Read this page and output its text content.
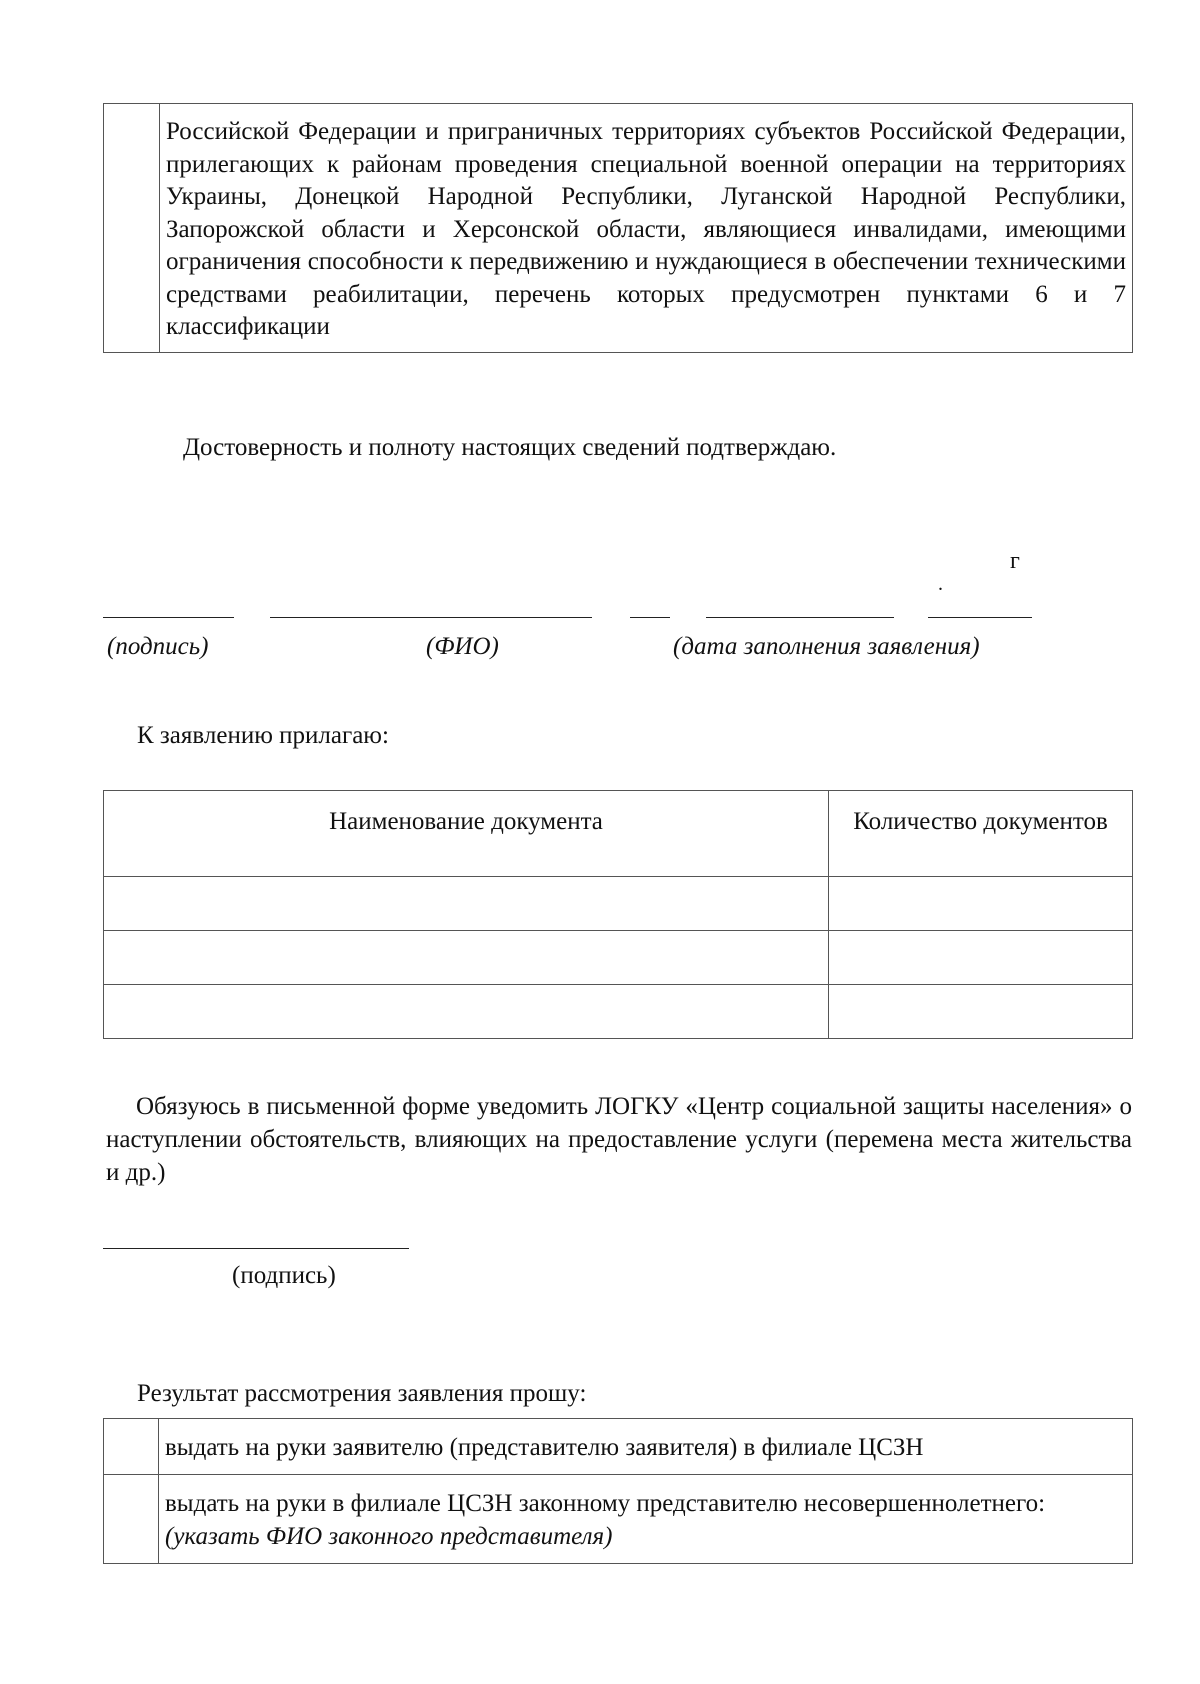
	Российской Федерации и приграничных территориях субъектов Российской Федерации, прилегающих к районам проведения специальной военной операции на территориях Украины, Донецкой Народной Республики, Луганской Народной Республики, Запорожской области и Херсонской области, являющиеся инвалидами, имеющими ограничения способности к передвижению и нуждающиеся в обеспечении техническими средствами реабилитации, перечень которых предусмотрен пунктами 6 и 7 классификации
Достоверность и полноту настоящих сведений подтверждаю.
г
.
(подпись)	(ФИО)	(дата заполнения заявления)
К заявлению прилагаю:
Наименование документа	Количество документов

Обязуюсь в письменной форме уведомить ЛОГКУ «Центр социальной защиты населения» о наступлении обстоятельств, влияющих на предоставление услуги (перемена места жительства и др.)
(подпись)
Результат рассмотрения заявления прошу:
	выдать на руки заявителю (представителю заявителя) в филиале ЦСЗН
	выдать на руки в филиале ЦСЗН законному представителю несовершеннолетнего: (указать ФИО законного представителя)
